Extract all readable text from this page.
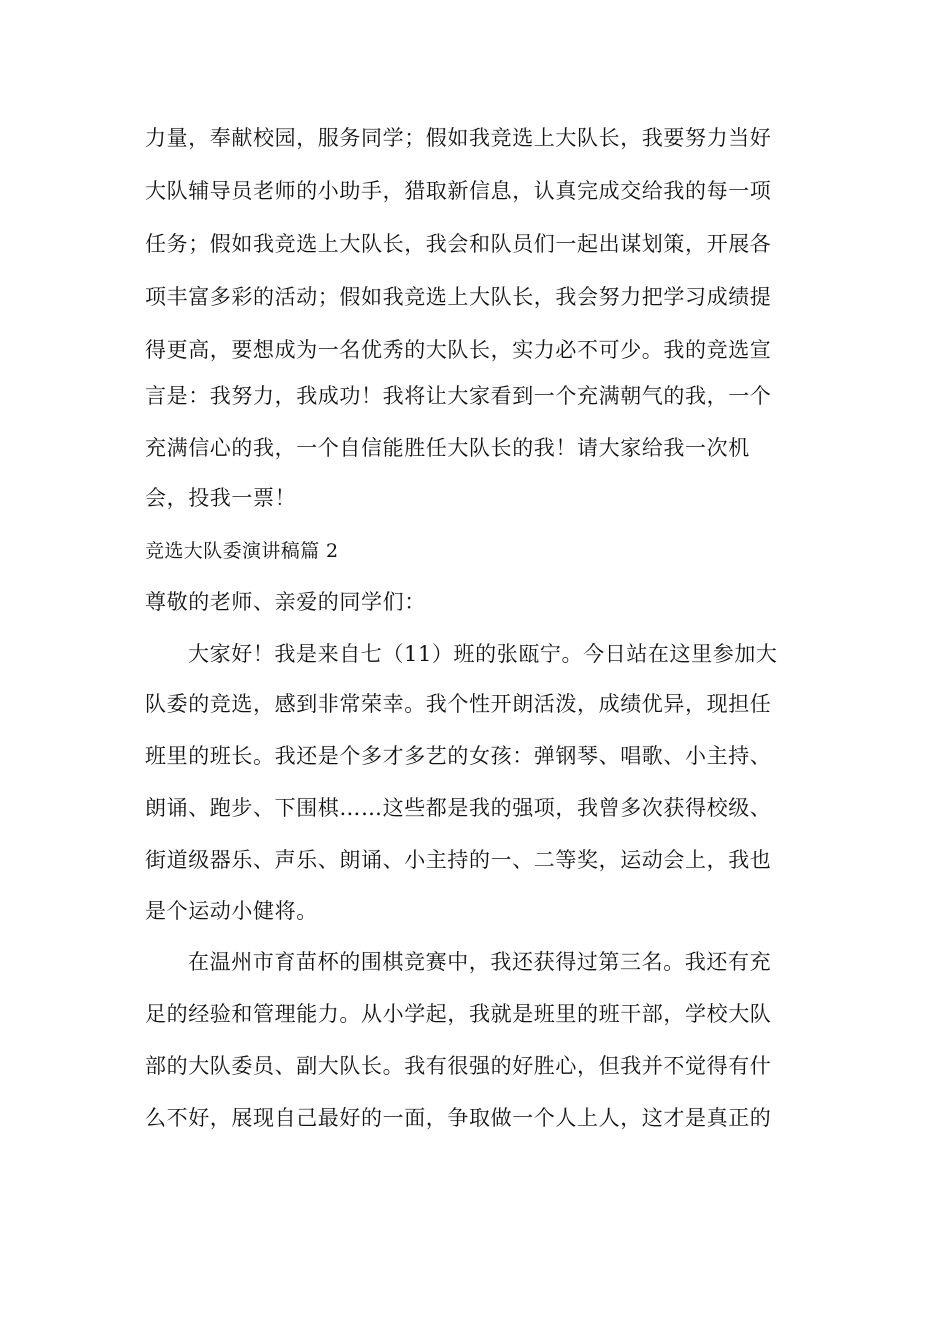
力量，奉献校园，服务同学；假如我竞选上大队长，我要努力当好
大队辅导员老师的小助手，猎取新信息，认真完成交给我的每一项
任务；假如我竞选上大队长，我会和队员们一起出谋划策，开展各
项丰富多彩的活动；假如我竞选上大队长，我会努力把学习成绩提
得更高，要想成为一名优秀的大队长，实力必不可少。我的竞选宣
言是：我努力，我成功！我将让大家看到一个充满朝气的我，一个
充满信心的我，一个自信能胜任大队长的我！请大家给我一次机
会，投我一票！
竞选大队委演讲稿篇 2
尊敬的老师、亲爱的同学们：
大家好！我是来自七（11）班的张瓯宁。今日站在这里参加大
队委的竞选，感到非常荣幸。我个性开朗活泼，成绩优异，现担任
班里的班长。我还是个多才多艺的女孩：弹钢琴、唱歌、小主持、
朗诵、跑步、下围棋……这些都是我的强项，我曾多次获得校级、
街道级器乐、声乐、朗诵、小主持的一、二等奖，运动会上，我也
是个运动小健将。
在温州市育苗杯的围棋竞赛中，我还获得过第三名。我还有充
足的经验和管理能力。从小学起，我就是班里的班干部，学校大队
部的大队委员、副大队长。我有很强的好胜心，但我并不觉得有什
么不好，展现自己最好的一面，争取做一个人上人，这才是真正的
